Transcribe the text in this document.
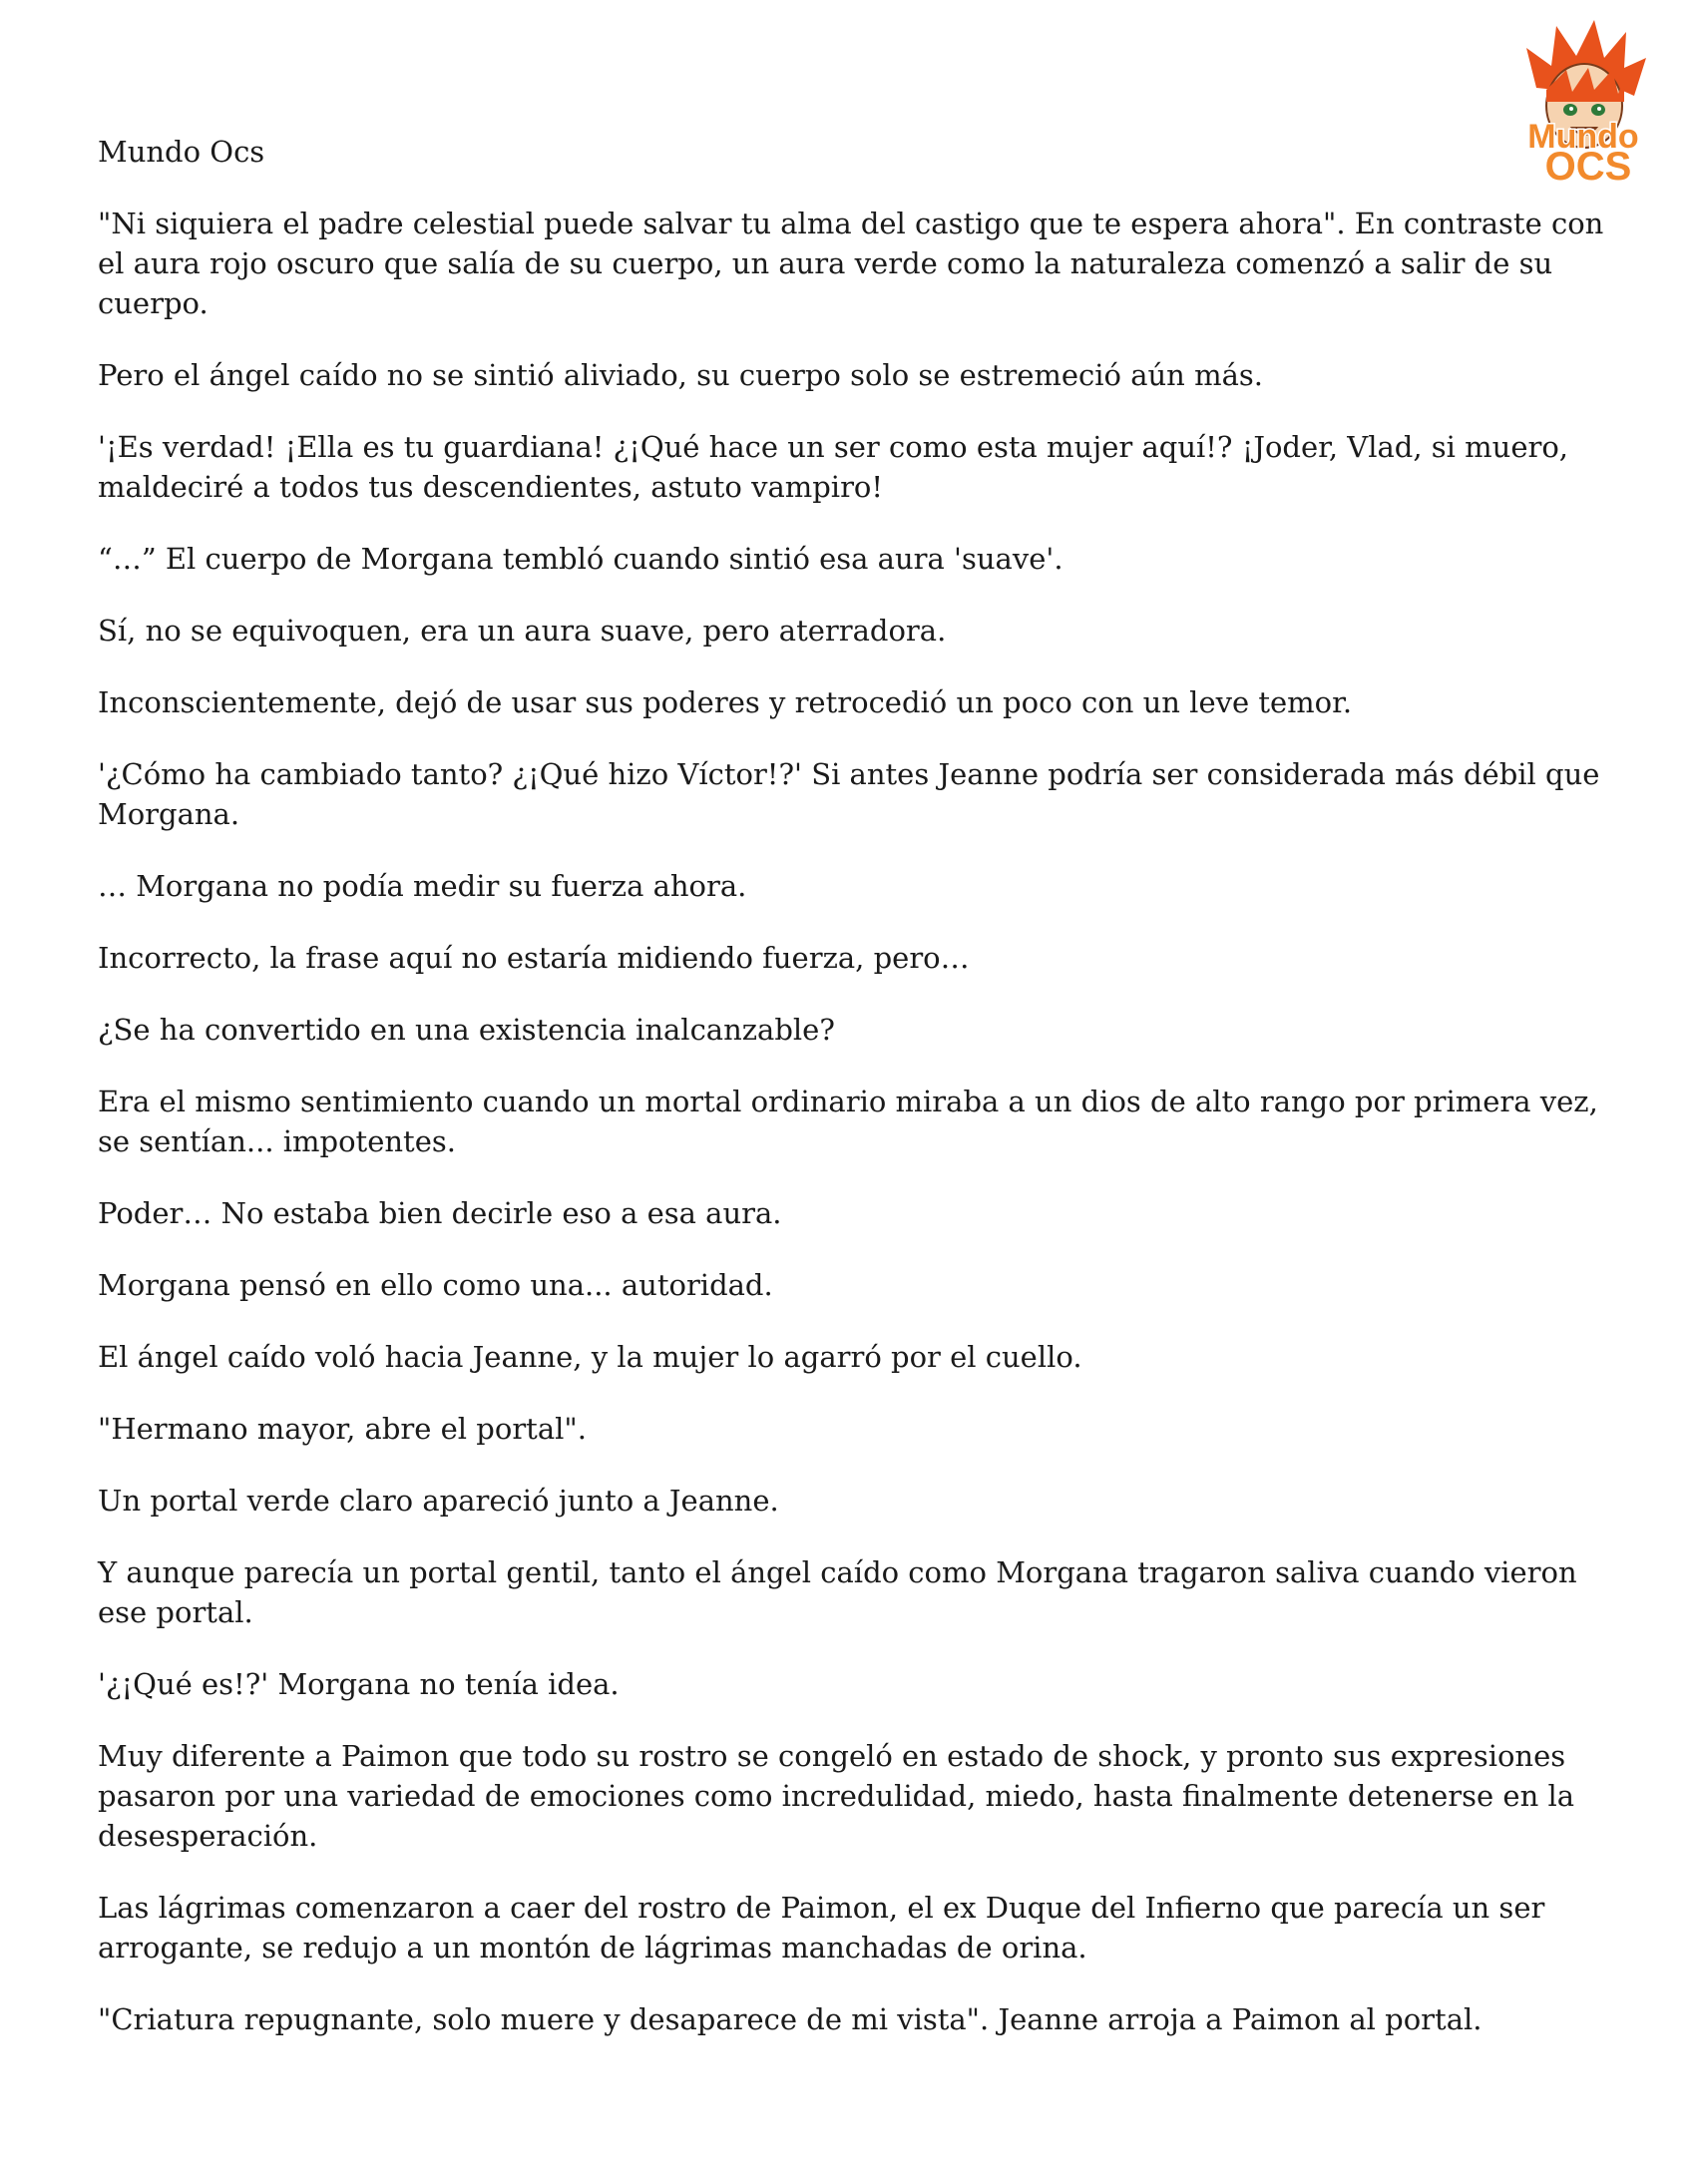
Mundo
OCS
Mundo Ocs

"Ni siquiera el padre celestial puede salvar tu alma del castigo que te espera ahora". En contraste con el aura rojo oscuro que salía de su cuerpo, un aura verde como la naturaleza comenzó a salir de su cuerpo.

Pero el ángel caído no se sintió aliviado, su cuerpo solo se estremeció aún más.

'¡Es verdad! ¡Ella es tu guardiana! ¿¡Qué hace un ser como esta mujer aquí!? ¡Joder, Vlad, si muero, maldeciré a todos tus descendientes, astuto vampiro!

“…” El cuerpo de Morgana tembló cuando sintió esa aura 'suave'.

Sí, no se equivoquen, era un aura suave, pero aterradora.

Inconscientemente, dejó de usar sus poderes y retrocedió un poco con un leve temor.

'¿Cómo ha cambiado tanto? ¿¡Qué hizo Víctor!?' Si antes Jeanne podría ser considerada más débil que Morgana.

… Morgana no podía medir su fuerza ahora.

Incorrecto, la frase aquí no estaría midiendo fuerza, pero…

¿Se ha convertido en una existencia inalcanzable?

Era el mismo sentimiento cuando un mortal ordinario miraba a un dios de alto rango por primera vez, se sentían... impotentes.

Poder… No estaba bien decirle eso a esa aura.

Morgana pensó en ello como una... autoridad.

El ángel caído voló hacia Jeanne, y la mujer lo agarró por el cuello.

"Hermano mayor, abre el portal".

Un portal verde claro apareció junto a Jeanne.

Y aunque parecía un portal gentil, tanto el ángel caído como Morgana tragaron saliva cuando vieron ese portal.

'¿¡Qué es!?' Morgana no tenía idea.

Muy diferente a Paimon que todo su rostro se congeló en estado de shock, y pronto sus expresiones pasaron por una variedad de emociones como incredulidad, miedo, hasta finalmente detenerse en la desesperación.

Las lágrimas comenzaron a caer del rostro de Paimon, el ex Duque del Infierno que parecía un ser arrogante, se redujo a un montón de lágrimas manchadas de orina.

"Criatura repugnante, solo muere y desaparece de mi vista". Jeanne arroja a Paimon al portal.
